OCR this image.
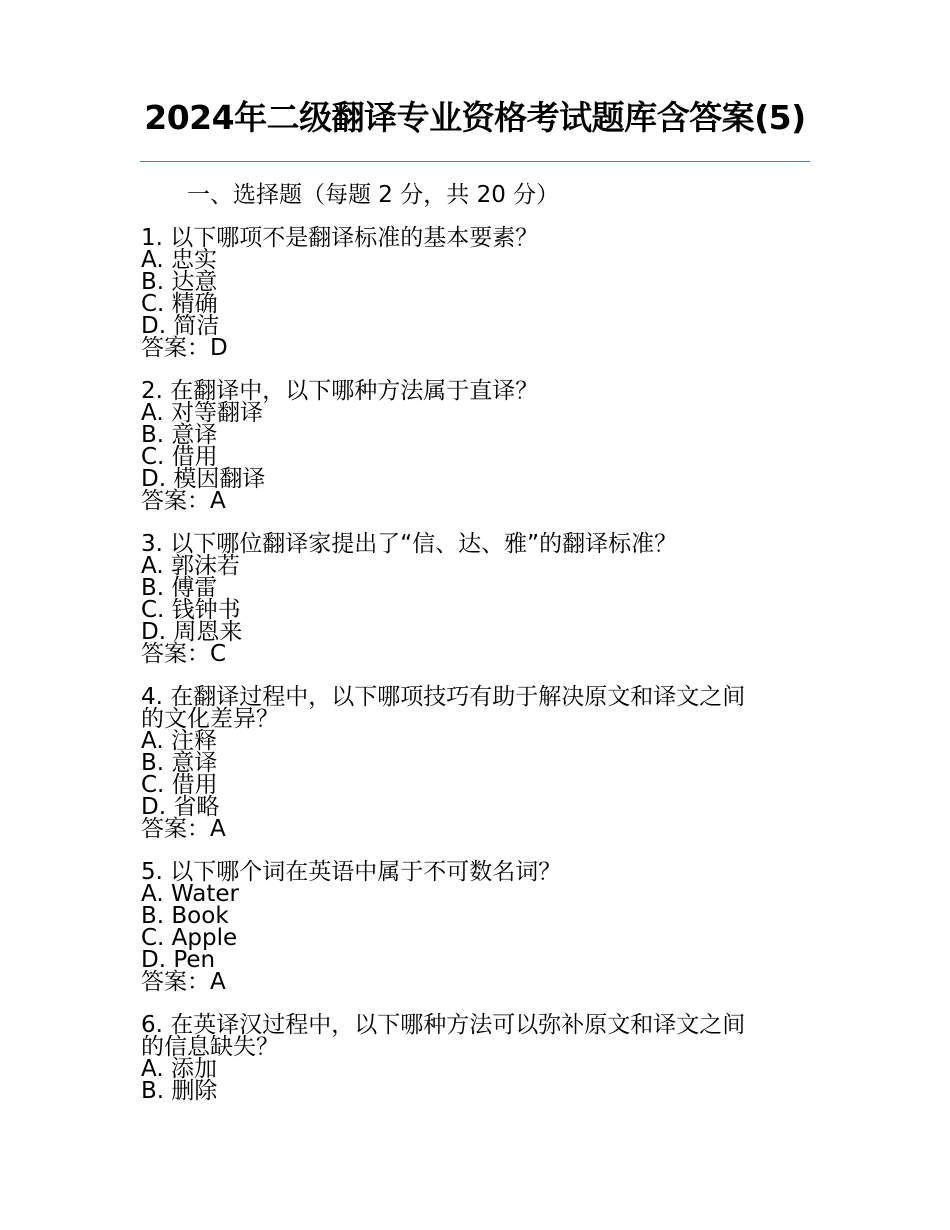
2024年二级翻译专业资格考试题库含答案(5)
一、选择题（每题 2 分，共 20 分）
1. 以下哪项不是翻译标准的基本要素？
A. 忠实
B. 达意
C. 精确
D. 简洁
答案：D
2. 在翻译中，以下哪种方法属于直译？
A. 对等翻译
B. 意译
C. 借用
D. 模因翻译
答案：A
3. 以下哪位翻译家提出了“信、达、雅”的翻译标准？
A. 郭沫若
B. 傅雷
C. 钱钟书
D. 周恩来
答案：C
4. 在翻译过程中，以下哪项技巧有助于解决原文和译文之间
的文化差异？
A. 注释
B. 意译
C. 借用
D. 省略
答案：A
5. 以下哪个词在英语中属于不可数名词？
A. Water
B. Book
C. Apple
D. Pen
答案：A
6. 在英译汉过程中，以下哪种方法可以弥补原文和译文之间
的信息缺失？
A. 添加
B. 删除
